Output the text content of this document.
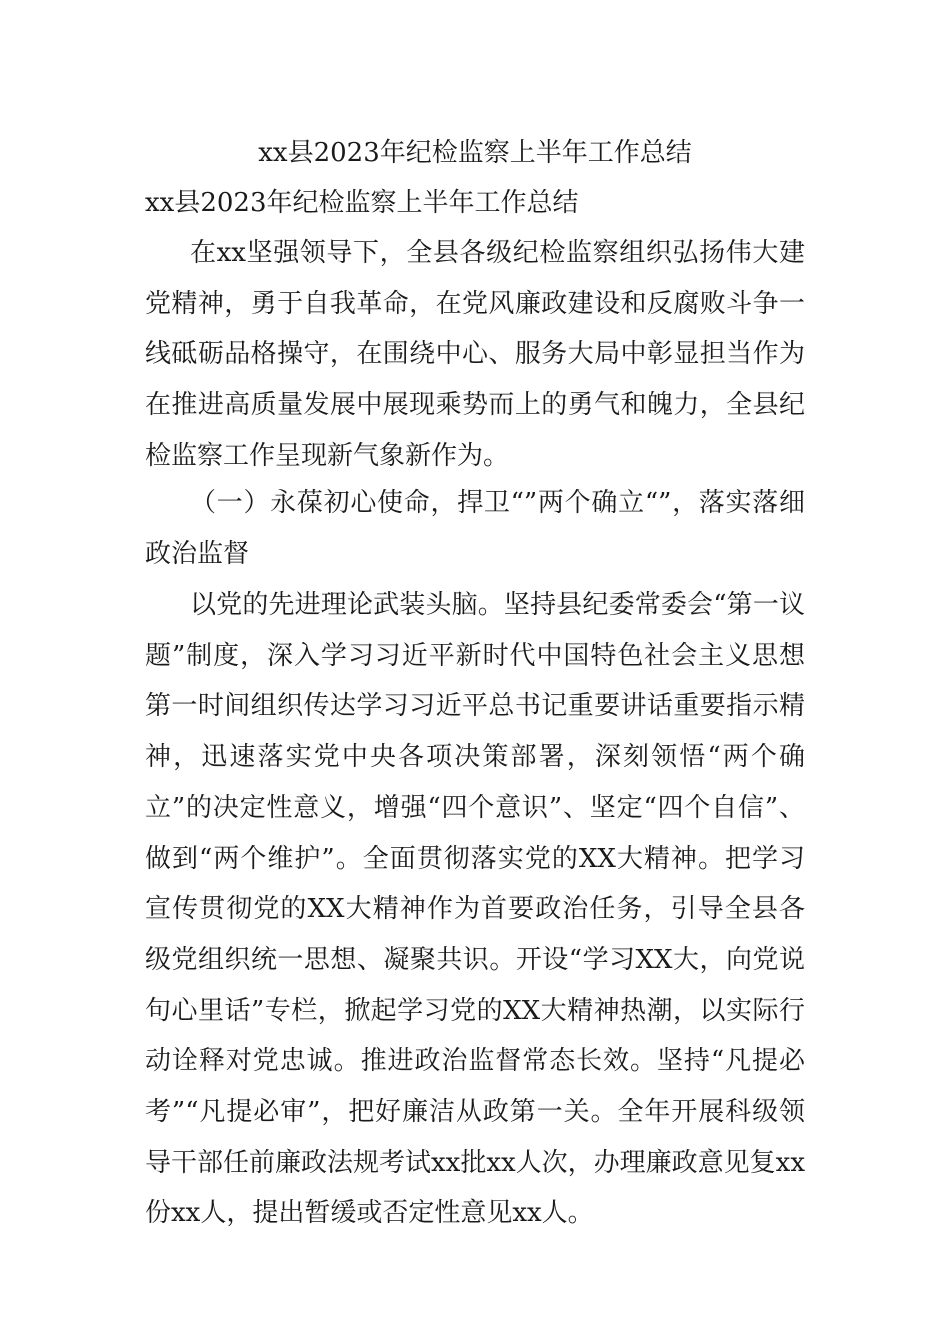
xx县2023年纪检监察上半年工作总结
xx县2023年纪检监察上半年工作总结

在xx坚强领导下，全县各级纪检监察组织弘扬伟大建党精神，勇于自我革命，在党风廉政建设和反腐败斗争一线砥砺品格操守，在围绕中心、服务大局中彰显担当作为在推进高质量发展中展现乘势而上的勇气和魄力，全县纪检监察工作呈现新气象新作为。

（一）永葆初心使命，捍卫“”两个确立“”，落实落细政治监督

以党的先进理论武装头脑。坚持县纪委常委会“第一议题”制度，深入学习习近平新时代中国特色社会主义思想第一时间组织传达学习习近平总书记重要讲话重要指示精神，迅速落实党中央各项决策部署，深刻领悟“两个确立”的决定性意义，增强“四个意识”、坚定“四个自信”、做到“两个维护”。全面贯彻落实党的XX大精神。把学习宣传贯彻党的XX大精神作为首要政治任务，引导全县各级党组织统一思想、凝聚共识。开设“学习XX大，向党说句心里话”专栏，掀起学习党的XX大精神热潮，以实际行动诠释对党忠诚。推进政治监督常态长效。坚持“凡提必考”“凡提必审”，把好廉洁从政第一关。全年开展科级领导干部任前廉政法规考试xx批xx人次，办理廉政意见复xx份xx人，提出暂缓或否定性意见xx人。
